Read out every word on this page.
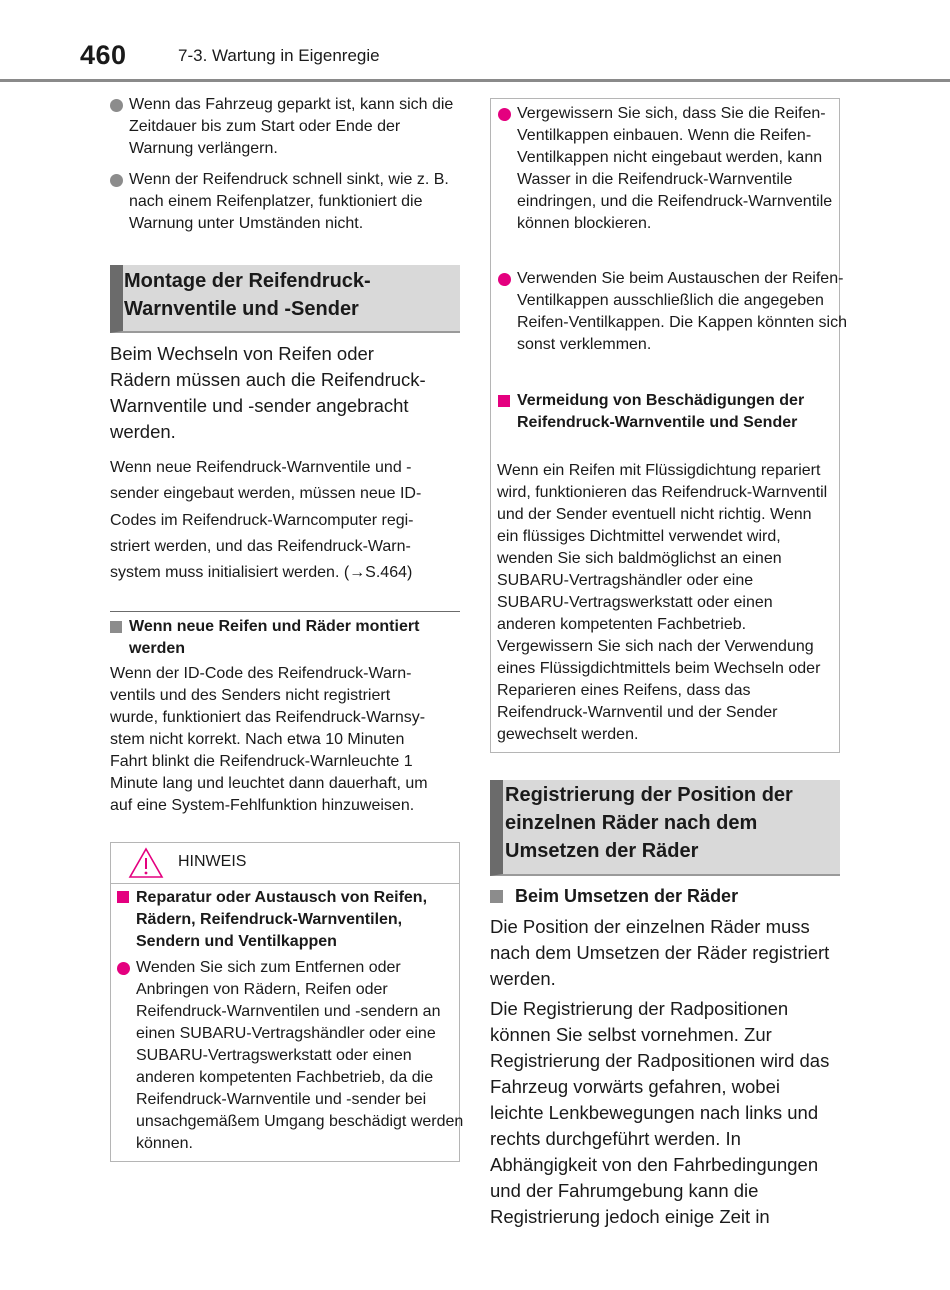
460	7-3. Wartung in Eigenregie
Wenn das Fahrzeug geparkt ist, kann sich die Zeitdauer bis zum Start oder Ende der Warnung verlängern.
Wenn der Reifendruck schnell sinkt, wie z. B. nach einem Reifenplatzer, funktioniert die Warnung unter Umständen nicht.
Montage der Reifendruck-
Warnventile und -Sender
Beim Wechseln von Reifen oder
Rädern müssen auch die Reifendruck-
Warnventile und -sender angebracht
werden.
Wenn neue Reifendruck-Warnventile und -
sender eingebaut werden, müssen neue ID-
Codes im Reifendruck-Warncomputer regi-
striert werden, und das Reifendruck-Warn-
system muss initialisiert werden. (→S.464)
Wenn neue Reifen und Räder montiert werden
Wenn der ID-Code des Reifendruck-Warn-
ventils und des Senders nicht registriert
wurde, funktioniert das Reifendruck-Warnsy-
stem nicht korrekt. Nach etwa 10 Minuten
Fahrt blinkt die Reifendruck-Warnleuchte 1
Minute lang und leuchtet dann dauerhaft, um
auf eine System-Fehlfunktion hinzuweisen.
HINWEIS
Reparatur oder Austausch von Reifen, Rädern, Reifendruck-Warnventilen, Sendern und Ventilkappen
Wenden Sie sich zum Entfernen oder Anbringen von Rädern, Reifen oder Reifendruck-Warnventilen und -sendern an einen SUBARU-Vertragshändler oder eine SUBARU-Vertragswerkstatt oder einen anderen kompetenten Fachbetrieb, da die Reifendruck-Warnventile und -sender bei unsachgemäßem Umgang beschädigt werden können.
Vergewissern Sie sich, dass Sie die Reifen-Ventilkappen einbauen. Wenn die Reifen-Ventilkappen nicht eingebaut werden, kann Wasser in die Reifendruck-Warnventile eindringen, und die Reifendruck-Warnventile können blockieren.
Verwenden Sie beim Austauschen der Reifen-Ventilkappen ausschließlich die angegeben Reifen-Ventilkappen. Die Kappen könnten sich sonst verklemmen.
Vermeidung von Beschädigungen der Reifendruck-Warnventile und Sender
Wenn ein Reifen mit Flüssigdichtung repariert wird, funktionieren das Reifendruck-Warnventil und der Sender eventuell nicht richtig. Wenn ein flüssiges Dichtmittel verwendet wird, wenden Sie sich baldmöglichst an einen SUBARU-Vertragshändler oder eine SUBARU-Vertragswerkstatt oder einen anderen kompetenten Fachbetrieb. Vergewissern Sie sich nach der Verwendung eines Flüssigdichtmittels beim Wechseln oder Reparieren eines Reifens, dass das Reifendruck-Warnventil und der Sender gewechselt werden.
Registrierung der Position der
einzelnen Räder nach dem
Umsetzen der Räder
Beim Umsetzen der Räder
Die Position der einzelnen Räder muss nach dem Umsetzen der Räder registriert werden.
Die Registrierung der Radpositionen können Sie selbst vornehmen. Zur Registrierung der Radpositionen wird das Fahrzeug vorwärts gefahren, wobei leichte Lenkbewegungen nach links und rechts durchgeführt werden. In Abhängigkeit von den Fahrbedingungen und der Fahrumgebung kann die Registrierung jedoch einige Zeit in
